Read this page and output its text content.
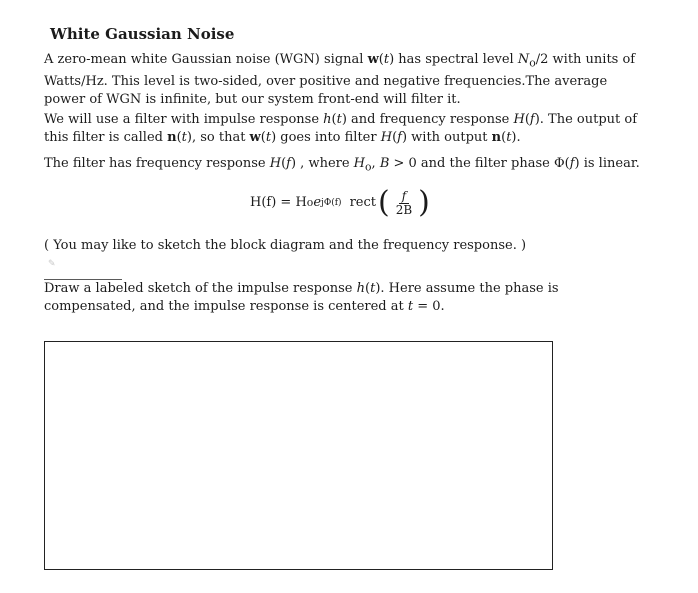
White Gaussian Noise
A zero-mean white Gaussian noise (WGN) signal w(t) has spectral level $N_o/2$ with units of Watts/Hz. This level is two-sided, over positive and negative frequencies.The average power of WGN is infinite, but our system front-end will filter it.
We will use a filter with impulse response h(t) and frequency response H(f). The output of this filter is called n(t), so that w(t) goes into filter H(f) with output n(t).
The filter has frequency response H(f) , where $H_o$, B > 0 and the filter phase Φ(f) is linear.
H(f) = H o e jΦ(f) rect ( $\frac{f}{2B}$ )
( You may like to sketch the block diagram and the frequency response. )
✎
Draw a labeled sketch of the impulse response h(t). Here assume the phase is compensated, and the impulse response is centered at t = 0.
